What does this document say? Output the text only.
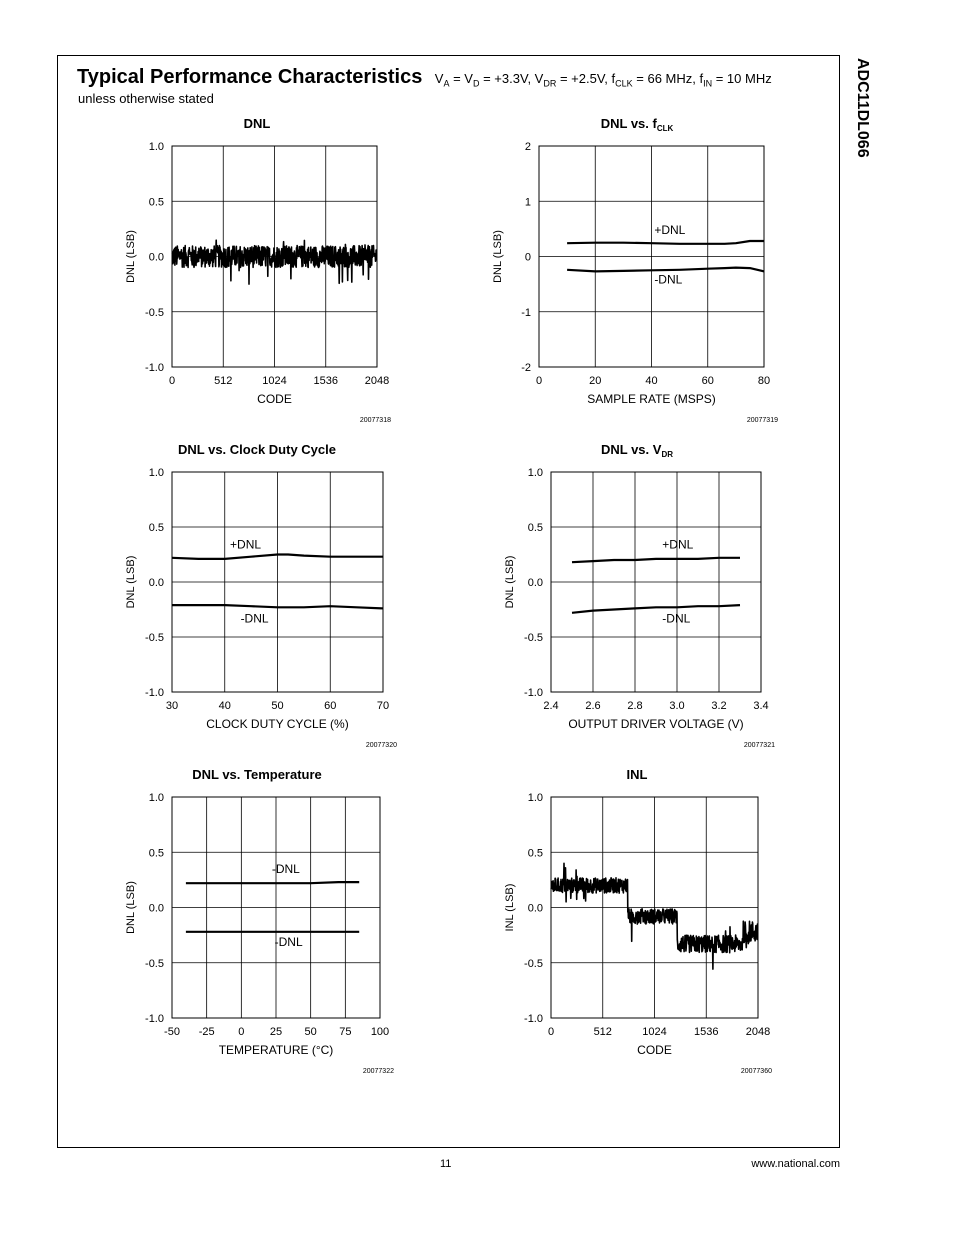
ADC11DL066
Typical Performance Characteristics $V_A = V_D = +3.3V$, $V_{DR} = +2.5V$, $f_{CLK} = 66$ MHz, $f_{IN} = 10$ MHz
unless otherwise stated
DNL
0	512	1024 1536 2048
-1.0
-0.5
0.0
0.5
1.0
CODE
DNL (LSB)
20077318
DNL vs. $f_{CLK}$
0	20	40	60	80
-2
-1
0
1
2
SAMPLE RATE (MSPS)
DNL (LSB)
20077319
+DNL
-DNL
DNL vs. Clock Duty Cycle
30	40	50	60	70
-1.0
-0.5
0.0
0.5
1.0
CLOCK DUTY CYCLE (%)
DNL (LSB)
20077320
+DNL
-DNL
DNL vs. $V_{DR}$
2.4 2.6 2.8 3.0 3.2 3.4
-1.0
-0.5
0.0
0.5
1.0
OUTPUT DRIVER VOLTAGE (V)
DNL (LSB)
20077321
+DNL
-DNL
DNL vs. Temperature
-50 -25 0 25 50 75 100
-1.0
-0.5
0.0
0.5
1.0
TEMPERATURE (°C)
DNL (LSB)
20077322
-DNL
-DNL
INL
0	512	1024 1536 2048
-1.0
-0.5
0.0
0.5
1.0
CODE
INL (LSB)
20077360
11	www.national.com
